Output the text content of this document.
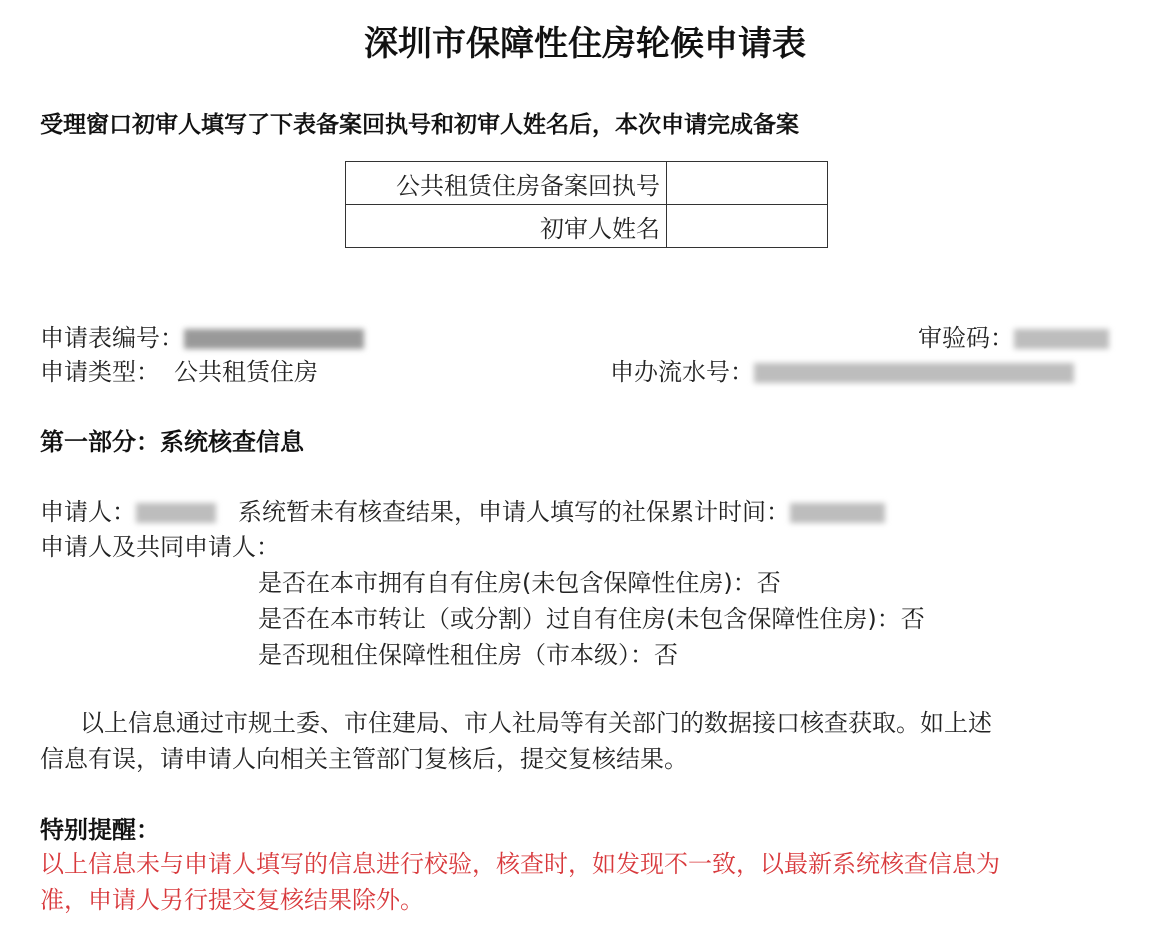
深圳市保障性住房轮候申请表
受理窗口初审人填写了下表备案回执号和初审人姓名后，本次申请完成备案
公共租赁住房备案回执号	
初审人姓名	
申请表编号：	审验码：
申请类型： 公共租赁住房	申办流水号：
第一部分：系统核查信息
申请人：	系统暂未有核查结果，申请人填写的社保累计时间：
申请人及共同申请人：
是否在本市拥有自有住房(未包含保障性住房)：否
是否在本市转让（或分割）过自有住房(未包含保障性住房)：否
是否现租住保障性租住房（市本级）：否
以上信息通过市规土委、市住建局、市人社局等有关部门的数据接口核查获取。如上述
信息有误，请申请人向相关主管部门复核后，提交复核结果。
特别提醒：
以上信息未与申请人填写的信息进行校验，核查时，如发现不一致，以最新系统核查信息为
准，申请人另行提交复核结果除外。
